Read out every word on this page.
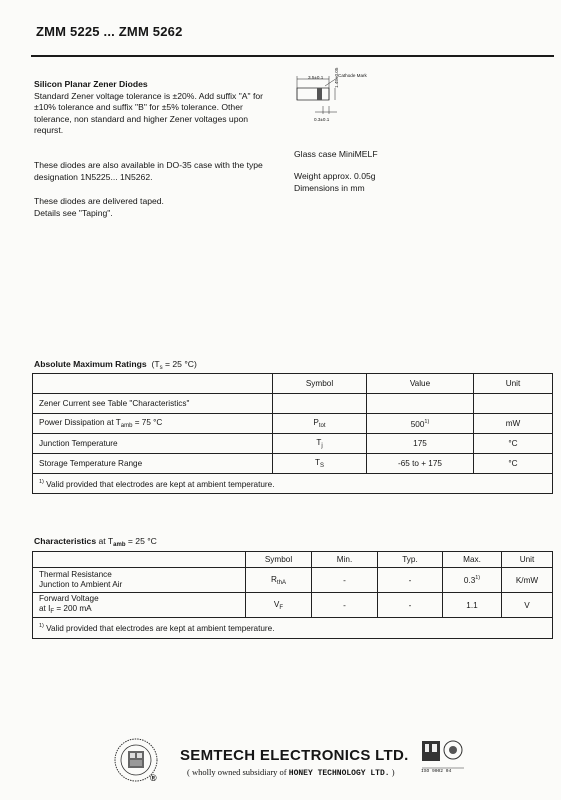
ZMM 5225 ... ZMM 5262
Silicon Planar Zener Diodes
Standard Zener voltage tolerance is ±20%. Add suffix "A" for
±10% tolerance and suffix "B" for ±5% tolerance. Other
tolerance, non standard and higher Zener voltages upon
requrst.
These diodes are also available in DO-35 case with the type
designation 1N5225... 1N5262.
These diodes are delivered taped.
Details see "Taping".
3.5±0.1	Cathode Mark
1.45±0.05
0.3±0.1
Glass case MiniMELF
Weight approx. 0.05g
Dimensions in mm
Absolute Maximum Ratings ($T_s = 25$ °C)
	Symbol	Value	Unit
Zener Current see Table "Characteristics"			
Power Dissipation at $T_{amb} = 75$ °C	$P_{tot}$	500$^{1)}$	mW
Junction Temperature	$T_j$	175	°C
Storage Temperature Range	$T_S$	-65 to + 175	°C
$^{1)}$ Valid provided that electrodes are kept at ambient temperature.			
Characteristics at $T_{amb} = 25$ °C
	Symbol	Min.	Typ.	Max.	Unit

Thermal Resistance
Junction to Ambient Air	$R_{thA}$	-	-	0.3$^{1)}$	K/mW

Forward Voltage
at $I_F = 200$ mA	$V_F$	-	-	1.1	V
$^{1)}$ Valid provided that electrodes are kept at ambient temperature.					
®
SEMTECH ELECTRONICS LTD.
( wholly owned subsidiary of HONEY TECHNOLOGY LTD. )	ISO 9002 04
